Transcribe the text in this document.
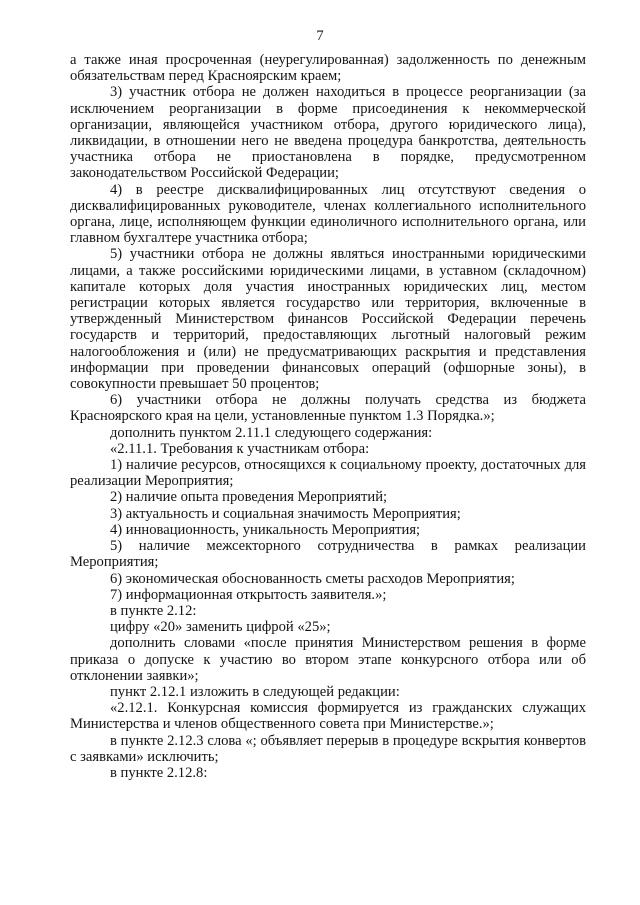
7

а также иная просроченная (неурегулированная) задолженность по денежным обязательствам перед Красноярским краем;

3) участник отбора не должен находиться в процессе реорганизации (за исключением реорганизации в форме присоединения к некоммерческой организации, являющейся участником отбора, другого юридического лица), ликвидации, в отношении него не введена процедура банкротства, деятельность участника отбора не приостановлена в порядке, предусмотренном законодательством Российской Федерации;

4) в реестре дисквалифицированных лиц отсутствуют сведения о дисквалифицированных руководителе, членах коллегиального исполнительного органа, лице, исполняющем функции единоличного исполнительного органа, или главном бухгалтере участника отбора;

5) участники отбора не должны являться иностранными юридическими лицами, а также российскими юридическими лицами, в уставном (складочном) капитале которых доля участия иностранных юридических лиц, местом регистрации которых является государство или территория, включенные в утвержденный Министерством финансов Российской Федерации перечень государств и территорий, предоставляющих льготный налоговый режим налогообложения и (или) не предусматривающих раскрытия и представления информации при проведении финансовых операций (офшорные зоны), в совокупности превышает 50 процентов;

6) участники отбора не должны получать средства из бюджета Красноярского края на цели, установленные пунктом 1.3 Порядка.»;

дополнить пунктом 2.11.1 следующего содержания:

«2.11.1. Требования к участникам отбора:

1) наличие ресурсов, относящихся к социальному проекту, достаточных для реализации Мероприятия;

2) наличие опыта проведения Мероприятий;

3) актуальность и социальная значимость Мероприятия;

4) инновационность, уникальность Мероприятия;

5) наличие межсекторного сотрудничества в рамках реализации Мероприятия;

6) экономическая обоснованность сметы расходов Мероприятия;

7) информационная открытость заявителя.»;

в пункте 2.12:

цифру «20» заменить цифрой «25»;

дополнить словами «после принятия Министерством решения в форме приказа о допуске к участию во втором этапе конкурсного отбора или об отклонении заявки»;

пункт 2.12.1 изложить в следующей редакции:

«2.12.1. Конкурсная комиссия формируется из гражданских служащих Министерства и членов общественного совета при Министерстве.»;

в пункте 2.12.3 слова «; объявляет перерыв в процедуре вскрытия конвертов с заявками» исключить;

в пункте 2.12.8:
